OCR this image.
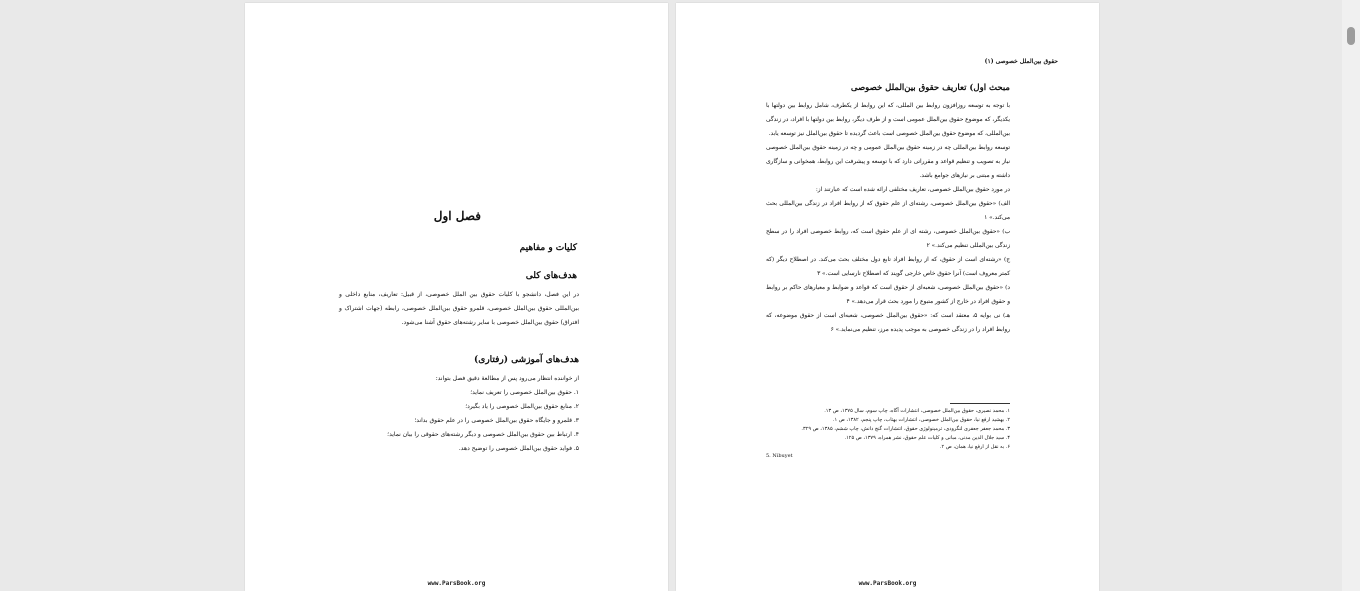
فصل اول
کلیات و مفاهیم
هدف‌های کلی

در این فصل، دانشجو با کلیات حقوق بین الملل خصوصی، از قبیل: تعاریف، منابع داخلی و بین‌المللی حقوق بین‌الملل خصوصی، قلمرو حقوق بین‌الملل خصوصی، رابطه (جهات اشتراک و افتراق) حقوق بین‌الملل خصوصی با سایر رشته‌های حقوق آشنا می‌شود.

هدف‌های آموزشی (رفتاری)
از خواننده انتظار می‌رود پس از مطالعهٔ دقیق فصل بتواند:
۱. حقوق بین‌الملل خصوصی را تعریف نماید؛
۲. منابع حقوق بین‌الملل خصوصی را یاد بگیرد؛
۳. قلمرو و جایگاه حقوق بین‌الملل خصوصی را در علم حقوق بداند؛
۴. ارتباط بین حقوق بین‌الملل خصوصی و دیگر رشته‌های حقوقی را بیان نماید؛
۵. فواید حقوق بین‌الملل خصوصی را توضیح دهد.
www.ParsBook.org
حقوق بین‌الملل خصوصی (۱)
مبحث اول) تعاریف حقوق بین‌الملل خصوصی

با توجه به توسعه روزافزون روابط بین المللی، که این روابط از یکطرف، شامل روابط بین دولتها با یکدیگر، که موضوع حقوق بین‌الملل عمومی است و از طرف دیگر، روابط بین دولتها با افراد، در زندگی بین‌المللی، که موضوع حقوق بین‌الملل خصوصی است باعث گردیده تا حقوق بین‌الملل نیز توسعه یابد.

توسعه روابط بین‌المللی چه در زمینه حقوق بین‌الملل عمومی و چه در زمینه حقوق بین‌الملل خصوصی نیاز به تصویب و تنظیم قواعد و مقرراتی دارد که با توسعه و پیشرفت این روابط، همخوانی و سازگاری داشته و مبتنی بر نیازهای جوامع باشد.

در مورد حقوق بین‌الملل خصوصی، تعاریف مختلفی ارائه شده است که عبارتند از:

الف) «حقوق بین‌الملل خصوصی، رشته‌ای از علم حقوق که از روابط افراد در زندگی بین‌المللی بحث می‌کند.» ۱

ب) «حقوق بین‌الملل خصوصی، رشته ای از علم حقوق است که، روابط خصوصی افراد را در سطح زندگی بین‌المللی تنظیم می‌کند.» ۲

ج) «رشته‌ای است از حقوق، که از روابط افراد تابع دول مختلف بحث می‌کند. در اصطلاح دیگر (که کمتر معروف است) آنرا حقوق خاص خارجی گویند که اصطلاح نارسایی است.» ۳

د) «حقوق بین‌الملل خصوصی، شعبه‌ای از حقوق است که قواعد و ضوابط و معیارهای حاکم بر روابط و حقوق افراد در خارج از کشور متبوع را مورد بحث قرار می‌دهد.» ۴

هـ) نی بوایه ۵، معتقد است که: «حقوق بین‌الملل خصوصی، شعبه‌ای است از حقوق موضوعه، که روابط افراد را در زندگی خصوصی به موجب پدیده مرز، تنظیم می‌نماید.» ۶

۱. محمد نصیری، حقوق بین‌الملل خصوصی، انتشارات آگاه، چاپ سوم، سال ۱۳۷۵، ص ۱۳.
۲. بهشید ارفع نیا، حقوق بین‌الملل خصوصی، انتشارات بهتاب، چاپ پنجم، ۱۳۸۲، ص ۱.
۳. محمد جعفر جعفری لنگرودی، ترمینولوژی حقوق، انتشارات گنج دانش، چاپ ششم، ۱۳۸۵، ص ۳۲۹.
۴. سید جلال الدین مدنی، مبانی و کلیات علم حقوق، نشر همراه، ۱۳۷۹، ص ۱۲۵.
۶. به نقل از ارفع نیا، همان، ص ۲.
5. Nibuyet
www.ParsBook.org
